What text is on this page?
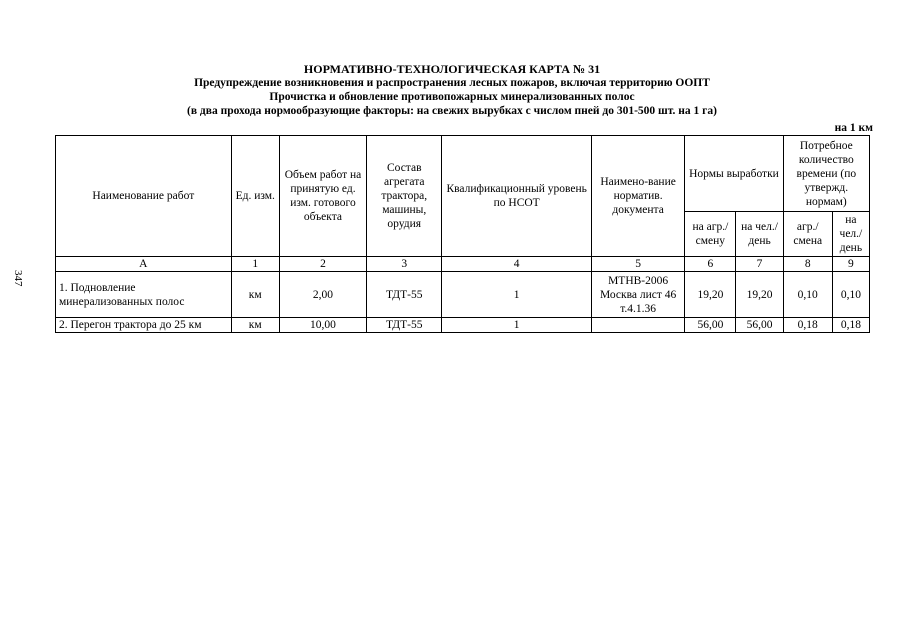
347
НОРМАТИВНО-ТЕХНОЛОГИЧЕСКАЯ КАРТА № 31
Предупреждение возникновения и распространения лесных пожаров, включая территорию ООПТ
Прочистка и обновление противопожарных минерализованных полос
(в два прохода нормообразующие факторы: на свежих вырубках с числом пней до 301-500 шт. на 1 га)
на 1 км
Наименование работ	Ед. изм.	Объем работ на принятую ед. изм. готового объекта	Состав агрегата трактора, машины, орудия	Квалификационный уровень по НСОТ	Наимено-вание норматив. документа	Нормы выработки		Потребное количество времени (по утвержд. нормам)	
						на агр./ смену	на чел./ день	агр./ смена	на чел./ день
А	1	2	3	4	5	6	7	8	9
1. Подновление минерализованных полос	км	2,00	ТДТ-55	1	МТНВ-2006 Москва лист 46 т.4.1.36	19,20	19,20	0,10	0,10
2. Перегон трактора до 25 км	км	10,00	ТДТ-55	1		56,00	56,00	0,18	0,18
